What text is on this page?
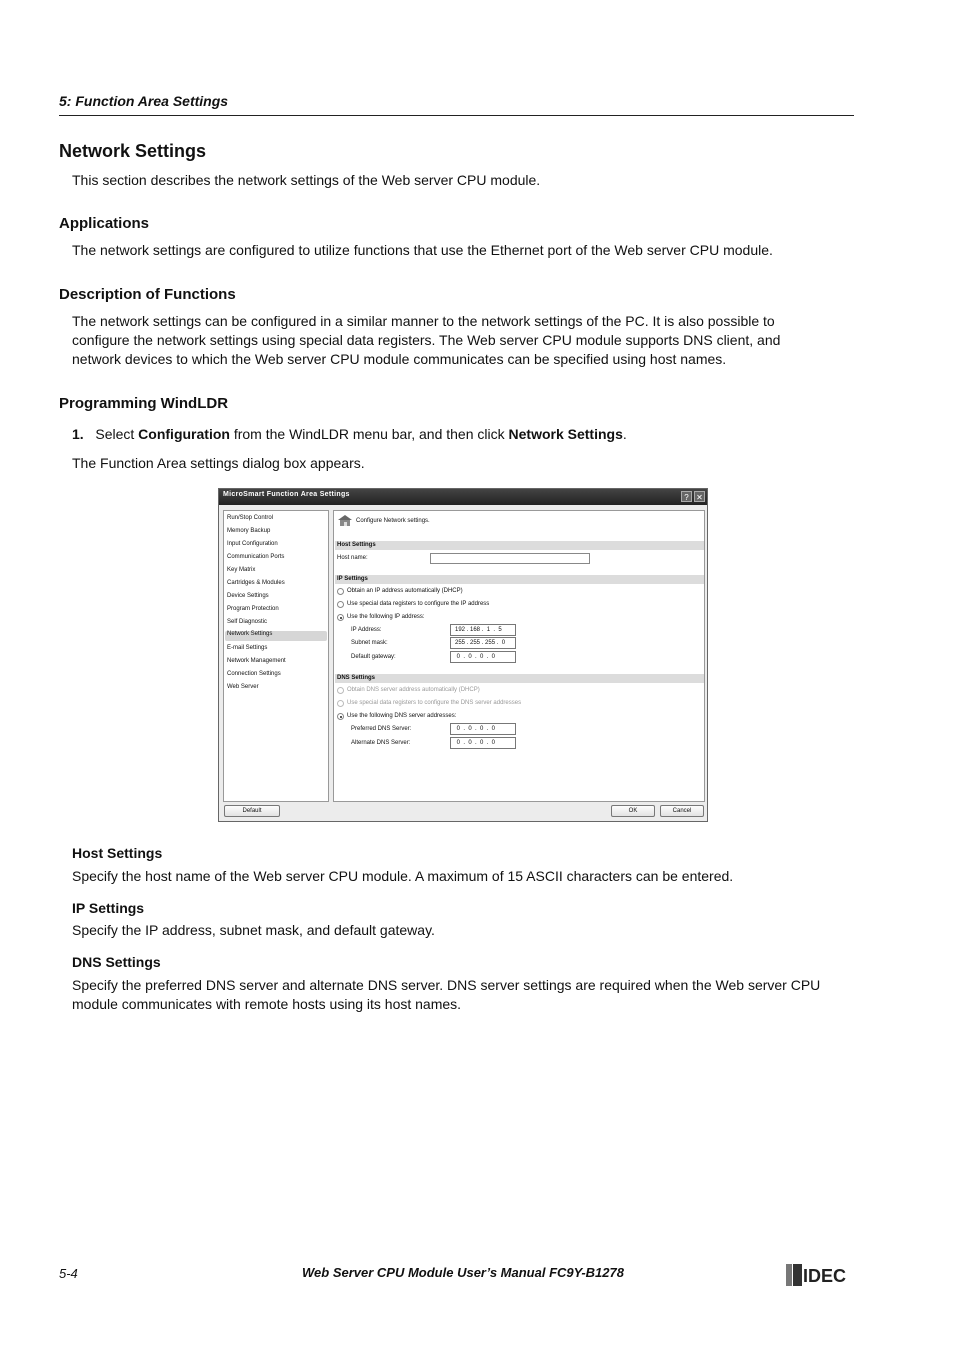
5: Function Area Settings
Network Settings

This section describes the network settings of the Web server CPU module.

Applications

The network settings are configured to utilize functions that use the Ethernet port of the Web server CPU module.

Description of Functions

The network settings can be configured in a similar manner to the network settings of the PC. It is also possible to
configure the network settings using special data registers. The Web server CPU module supports DNS client, and
network devices to which the Web server CPU module communicates can be specified using host names.

Programming WindLDR

1. Select Configuration from the WindLDR menu bar, and then click Network Settings.

The Function Area settings dialog box appears.

MicroSmart Function Area Settings	? ✕
Run/Stop Control
Memory Backup
Input Configuration
Communication Ports
Key Matrix
Cartridges & Modules
Device Settings
Program Protection
Self Diagnostic
Network Settings
E-mail Settings
Network Management
Connection Settings
Web Server
Configure Network settings.
Host Settings
Host name:
IP Settings
Obtain an IP address automatically (DHCP)
Use special data registers to configure the IP address
Use the following IP address:
IP Address:	192 . 168 .  1  .  5
Subnet mask:	255 . 255 . 255 .  0
Default gateway:	0  .  0  .  0  .  0
DNS Settings
Obtain DNS server address automatically (DHCP)
Use special data registers to configure the DNS server addresses
Use the following DNS server addresses:
Preferred DNS Server:	0  .  0  .  0  .  0
Alternate DNS Server:	0  .  0  .  0  .  0
Default	OK	Cancel
Host Settings

Specify the host name of the Web server CPU module. A maximum of 15 ASCII characters can be entered.

IP Settings

Specify the IP address, subnet mask, and default gateway.

DNS Settings

Specify the preferred DNS server and alternate DNS server. DNS server settings are required when the Web server CPU
module communicates with remote hosts using its host names.

5-4	Web Server CPU Module User’s Manual FC9Y-B1278	IDEC
